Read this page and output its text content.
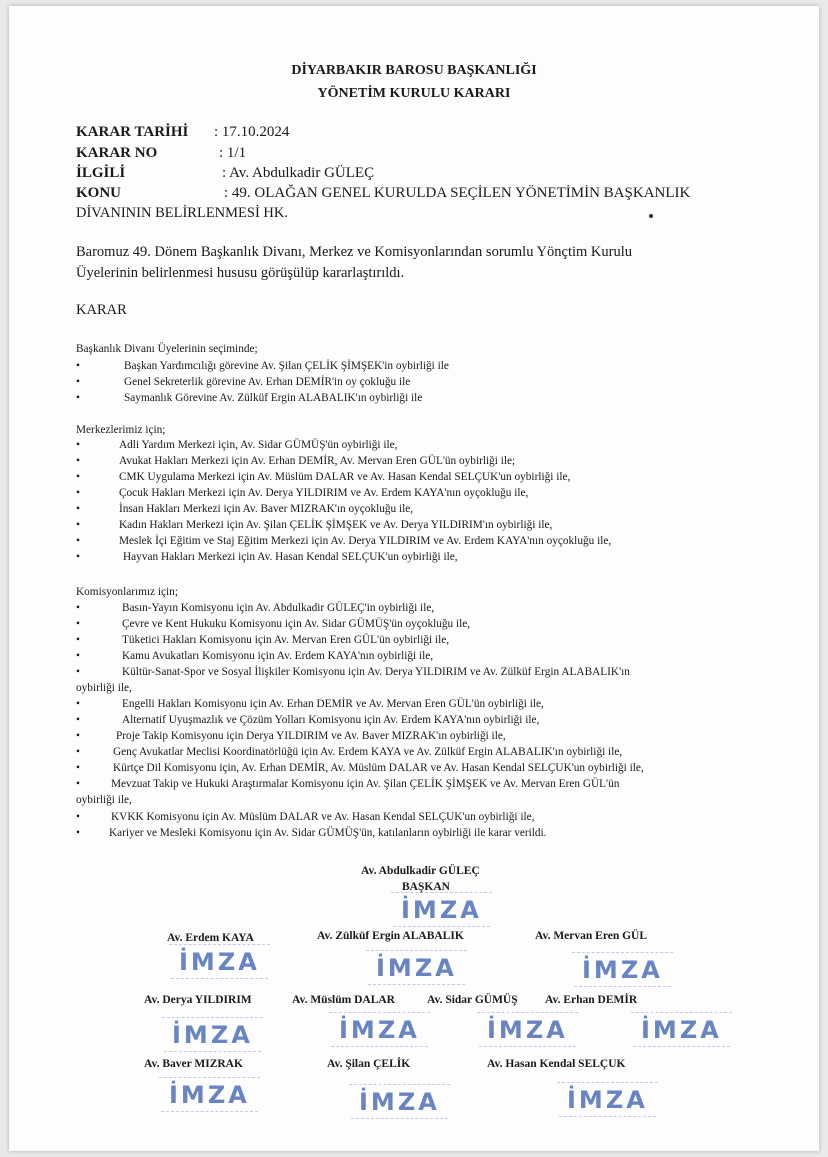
DİYARBAKIR BAROSU BAŞKANLIĞI
YÖNETİM KURULU KARARI
KARAR TARİHİ : 17.10.2024
KARAR NO	: 1/1
İLGİLİ	: Av. Abdulkadir GÜLEÇ
KONU	: 49. OLAĞAN GENEL KURULDA SEÇİLEN YÖNETİMİN BAŞKANLIK
DİVANININ BELİRLENMESİ HK.
Baromuz 49. Dönem Başkanlık Divanı, Merkez ve Komisyonlarından sorumlu Yönçtim Kurulu
Üyelerinin belirlenmesi hususu görüşülüp kararlaştırıldı.
KARAR
Başkanlık Divanı Üyelerinin seçiminde;
•	Başkan Yardımcılığı görevine Av. Şilan ÇELİK ŞİMŞEK'in oybirliği ile
•	Genel Sekreterlik görevine Av. Erhan DEMİR'in oy çokluğu ile
•	Saymanlık Görevine Av. Zülküf Ergin ALABALIK'ın oybirliği ile
Merkezlerimiz için;
•	Adli Yardım Merkezi için, Av. Sidar GÜMÜŞ'ün oybirliği ile,
•	Avukat Hakları Merkezi için Av. Erhan DEMİR, Av. Mervan Eren GÜL'ün oybirliği ile;
•	CMK Uygulama Merkezi için Av. Müslüm DALAR ve Av. Hasan Kendal SELÇUK'un oybirliği ile,
•	Çocuk Hakları Merkezi için Av. Derya YILDIRIM ve Av. Erdem KAYA'nın oyçokluğu ile,
•	İnsan Hakları Merkezi için Av. Baver MIZRAK'ın oyçokluğu ile,
•	Kadın Hakları Merkezi için Av. Şilan ÇELİK ŞİMŞEK ve Av. Derya YILDIRIM'ın oybirliği ile,
•	Meslek İçi Eğitim ve Staj Eğitim Merkezi için Av. Derya YILDIRIM ve Av. Erdem KAYA'nın oyçokluğu ile,
•	Hayvan Hakları Merkezi için Av. Hasan Kendal SELÇUK'un oybirliği ile,
Komisyonlarımız için;
•	Basın-Yayın Komisyonu için Av. Abdulkadir GÜLEÇ'in oybirliği ile,
•	Çevre ve Kent Hukuku Komisyonu için Av. Sidar GÜMÜŞ'ün oyçokluğu ile,
•	Tüketici Hakları Komisyonu için Av. Mervan Eren GÜL'ün oybirliği ile,
•	Kamu Avukatları Komisyonu için Av. Erdem KAYA'nın oybirliği ile,
•	Kültür-Sanat-Spor ve Sosyal İlişkiler Komisyonu için Av. Derya YILDIRIM ve Av. Zülküf Ergin ALABALIK'ın
oybirliği ile,
•	Engelli Hakları Komisyonu için Av. Erhan DEMİR ve Av. Mervan Eren GÜL'ün oybirliği ile,
•	Alternatif Uyuşmazlık ve Çözüm Yolları Komisyonu için Av. Erdem KAYA'nın oybirliği ile,
•	Proje Takip Komisyonu için Derya YILDIRIM ve Av. Baver MIZRAK'ın oybirliği ile,
•	Genç Avukatlar Meclisi Koordinatörlüğü için Av. Erdem KAYA ve Av. Zülküf Ergin ALABALIK'ın oybirliği ile,
•	Kürtçe Dil Komisyonu için, Av. Erhan DEMİR, Av. Müslüm DALAR ve Av. Hasan Kendal SELÇUK'un oybirliği ile,
•	Mevzuat Takip ve Hukuki Araştırmalar Komisyonu için Av. Şilan ÇELİK ŞİMŞEK ve Av. Mervan Eren GÜL'ün
oybirliği ile,
•	KVKK Komisyonu için Av. Müslüm DALAR ve Av. Hasan Kendal SELÇUK'un oybirliği ile,
•	Kariyer ve Mesleki Komisyonu için Av. Sidar GÜMÜŞ'ün, katılanların oybirliği ile karar verildi.
Av. Abdulkadir GÜLEÇ
BAŞKAN
İMZA
Av. Erdem KAYA	Av. Zülküf Ergin ALABALIK	Av. Mervan Eren GÜL
İMZA	İMZA	İMZA
Av. Derya YILDIRIM	Av. Müslüm DALAR	Av. Sidar GÜMÜŞ Av. Erhan DEMİR
İMZA	İMZA	İMZA	İMZA
Av. Baver MIZRAK	Av. Şilan ÇELİK	Av. Hasan Kendal SELÇUK
İMZA	İMZA	İMZA
